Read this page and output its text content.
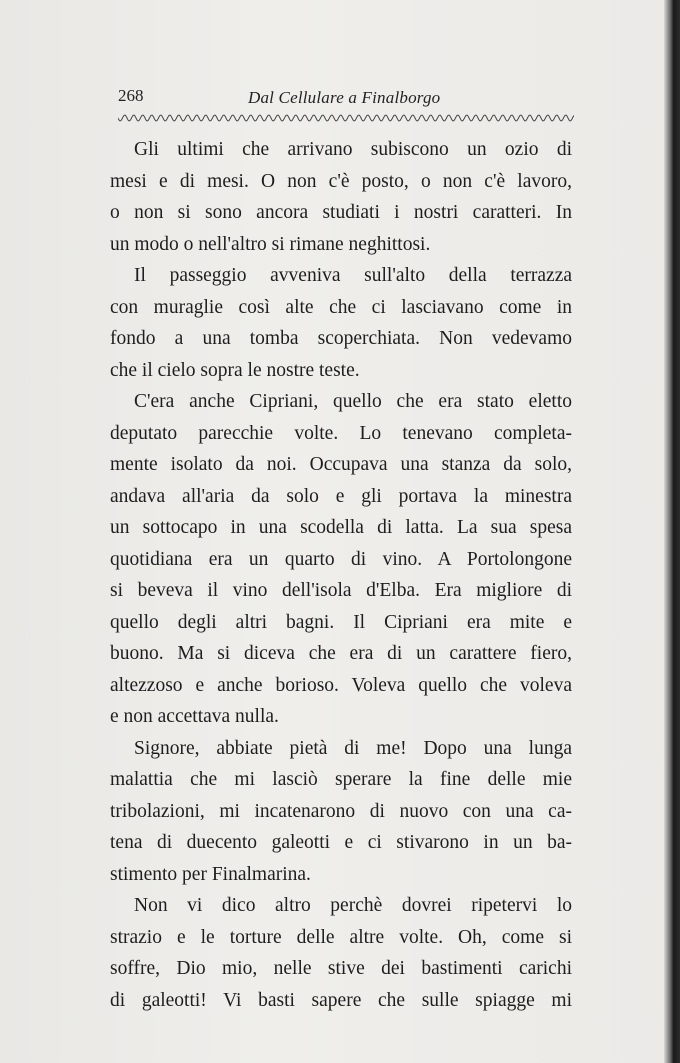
268	Dal Cellulare a Finalborgo
Gli ultimi che arrivano subiscono un ozio di
mesi e di mesi. O non c'è posto, o non c'è lavoro,
o non si sono ancora studiati i nostri caratteri. In
un modo o nell'altro si rimane neghittosi.
Il passeggio avveniva sull'alto della terrazza
con muraglie così alte che ci lasciavano come in
fondo a una tomba scoperchiata. Non vedevamo
che il cielo sopra le nostre teste.
C'era anche Cipriani, quello che era stato eletto
deputato parecchie volte. Lo tenevano completa-
mente isolato da noi. Occupava una stanza da solo,
andava all'aria da solo e gli portava la minestra
un sottocapo in una scodella di latta. La sua spesa
quotidiana era un quarto di vino. A Portolongone
si beveva il vino dell'isola d'Elba. Era migliore di
quello degli altri bagni. Il Cipriani era mite e
buono. Ma si diceva che era di un carattere fiero,
altezzoso e anche borioso. Voleva quello che voleva
e non accettava nulla.
Signore, abbiate pietà di me! Dopo una lunga
malattia che mi lasciò sperare la fine delle mie
tribolazioni, mi incatenarono di nuovo con una ca-
tena di duecento galeotti e ci stivarono in un ba-
stimento per Finalmarina.
Non vi dico altro perchè dovrei ripetervi lo
strazio e le torture delle altre volte. Oh, come si
soffre, Dio mio, nelle stive dei bastimenti carichi
di galeotti! Vi basti sapere che sulle spiagge mi
